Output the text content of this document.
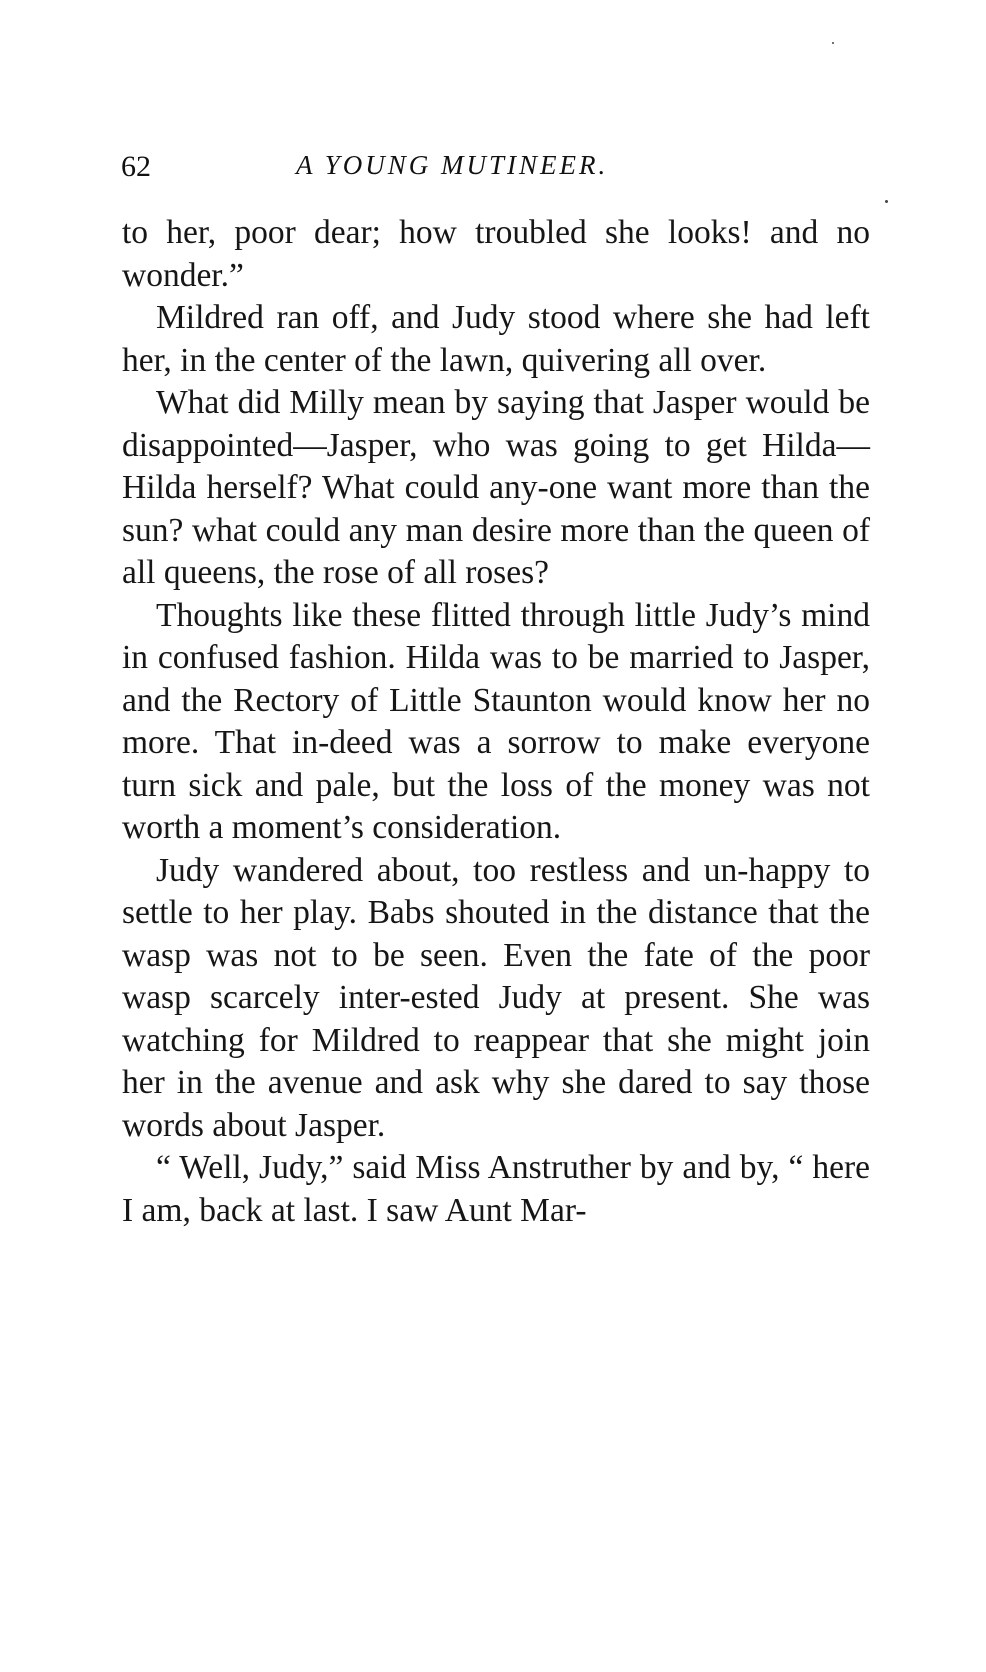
62	A YOUNG MUTINEER.

to her, poor dear; how troubled she looks! and no wonder.”

Mildred ran off, and Judy stood where she had left her, in the center of the lawn, quivering all over.

What did Milly mean by saying that Jasper would be disappointed—Jasper, who was going to get Hilda—Hilda herself? What could any-one want more than the sun? what could any man desire more than the queen of all queens, the rose of all roses?

Thoughts like these flitted through little Judy’s mind in confused fashion. Hilda was to be married to Jasper, and the Rectory of Little Staunton would know her no more. That in-deed was a sorrow to make everyone turn sick and pale, but the loss of the money was not worth a moment’s consideration.

Judy wandered about, too restless and un-happy to settle to her play. Babs shouted in the distance that the wasp was not to be seen. Even the fate of the poor wasp scarcely inter-ested Judy at present. She was watching for Mildred to reappear that she might join her in the avenue and ask why she dared to say those words about Jasper.

“ Well, Judy,” said Miss Anstruther by and by, “ here I am, back at last. I saw Aunt Mar-
